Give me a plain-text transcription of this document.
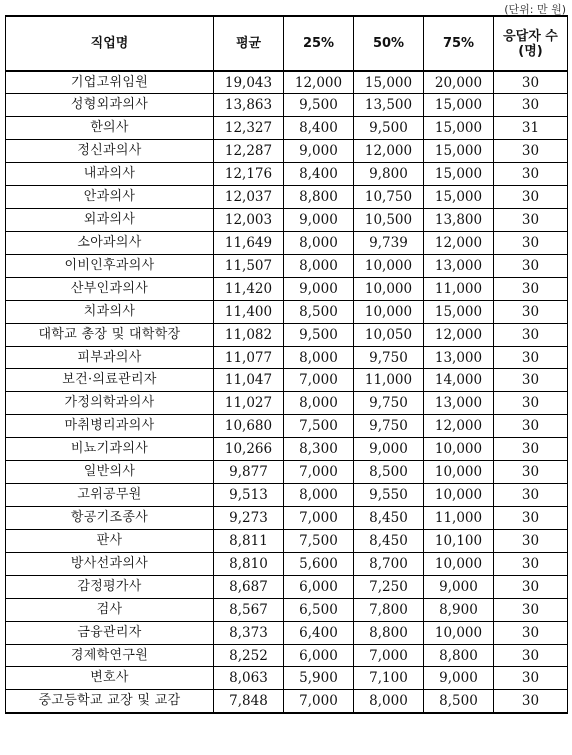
(단위: 만 원)
직업명	평균	25%	50%	75%	응답자 수
(명)
기업고위임원	19,043	12,000	15,000	20,000	30
성형외과의사	13,863	9,500	13,500	15,000	30
한의사	12,327	8,400	9,500	15,000	31
정신과의사	12,287	9,000	12,000	15,000	30
내과의사	12,176	8,400	9,800	15,000	30
안과의사	12,037	8,800	10,750	15,000	30
외과의사	12,003	9,000	10,500	13,800	30
소아과의사	11,649	8,000	9,739	12,000	30
이비인후과의사	11,507	8,000	10,000	13,000	30
산부인과의사	11,420	9,000	10,000	11,000	30
치과의사	11,400	8,500	10,000	15,000	30
대학교 총장 및 대학학장	11,082	9,500	10,050	12,000	30
피부과의사	11,077	8,000	9,750	13,000	30
보건·의료관리자	11,047	7,000	11,000	14,000	30
가정의학과의사	11,027	8,000	9,750	13,000	30
마취병리과의사	10,680	7,500	9,750	12,000	30
비뇨기과의사	10,266	8,300	9,000	10,000	30
일반의사	9,877	7,000	8,500	10,000	30
고위공무원	9,513	8,000	9,550	10,000	30
항공기조종사	9,273	7,000	8,450	11,000	30
판사	8,811	7,500	8,450	10,100	30
방사선과의사	8,810	5,600	8,700	10,000	30
감정평가사	8,687	6,000	7,250	9,000	30
검사	8,567	6,500	7,800	8,900	30
금융관리자	8,373	6,400	8,800	10,000	30
경제학연구원	8,252	6,000	7,000	8,800	30
변호사	8,063	5,900	7,100	9,000	30
중고등학교 교장 및 교감	7,848	7,000	8,000	8,500	30
